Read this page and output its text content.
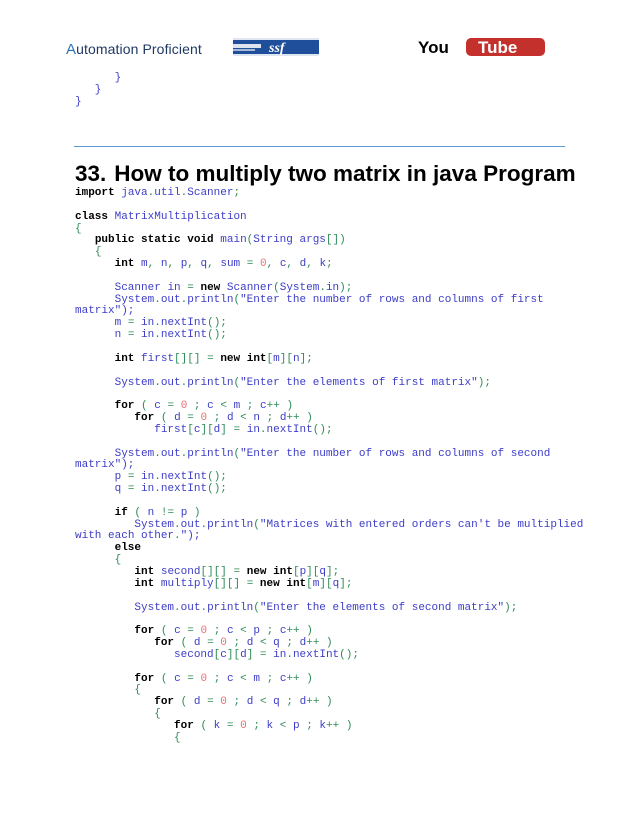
Automation Proficient	ssf	You Tube
}
}
}
33. How to multiply two matrix in java Program
import java.util.Scanner;
class MatrixMultiplication
{
public static void main(String args[])
{
int m, n, p, q, sum = 0, c, d, k;
Scanner in = new Scanner(System.in);
System.out.println("Enter the number of rows and columns of first
matrix");
m = in.nextInt();
n = in.nextInt();
int first[][] = new int[m][n];
System.out.println("Enter the elements of first matrix");
for ( c = 0 ; c < m ; c++ )
for ( d = 0 ; d < n ; d++ )
first[c][d] = in.nextInt();
System.out.println("Enter the number of rows and columns of second
matrix");
p = in.nextInt();
q = in.nextInt();
if ( n != p )
System.out.println("Matrices with entered orders can't be multiplied
with each other.");
else
{
int second[][] = new int[p][q];
int multiply[][] = new int[m][q];
System.out.println("Enter the elements of second matrix");
for ( c = 0 ; c < p ; c++ )
for ( d = 0 ; d < q ; d++ )
second[c][d] = in.nextInt();
for ( c = 0 ; c < m ; c++ )
{
for ( d = 0 ; d < q ; d++ )
{
for ( k = 0 ; k < p ; k++ )
{
